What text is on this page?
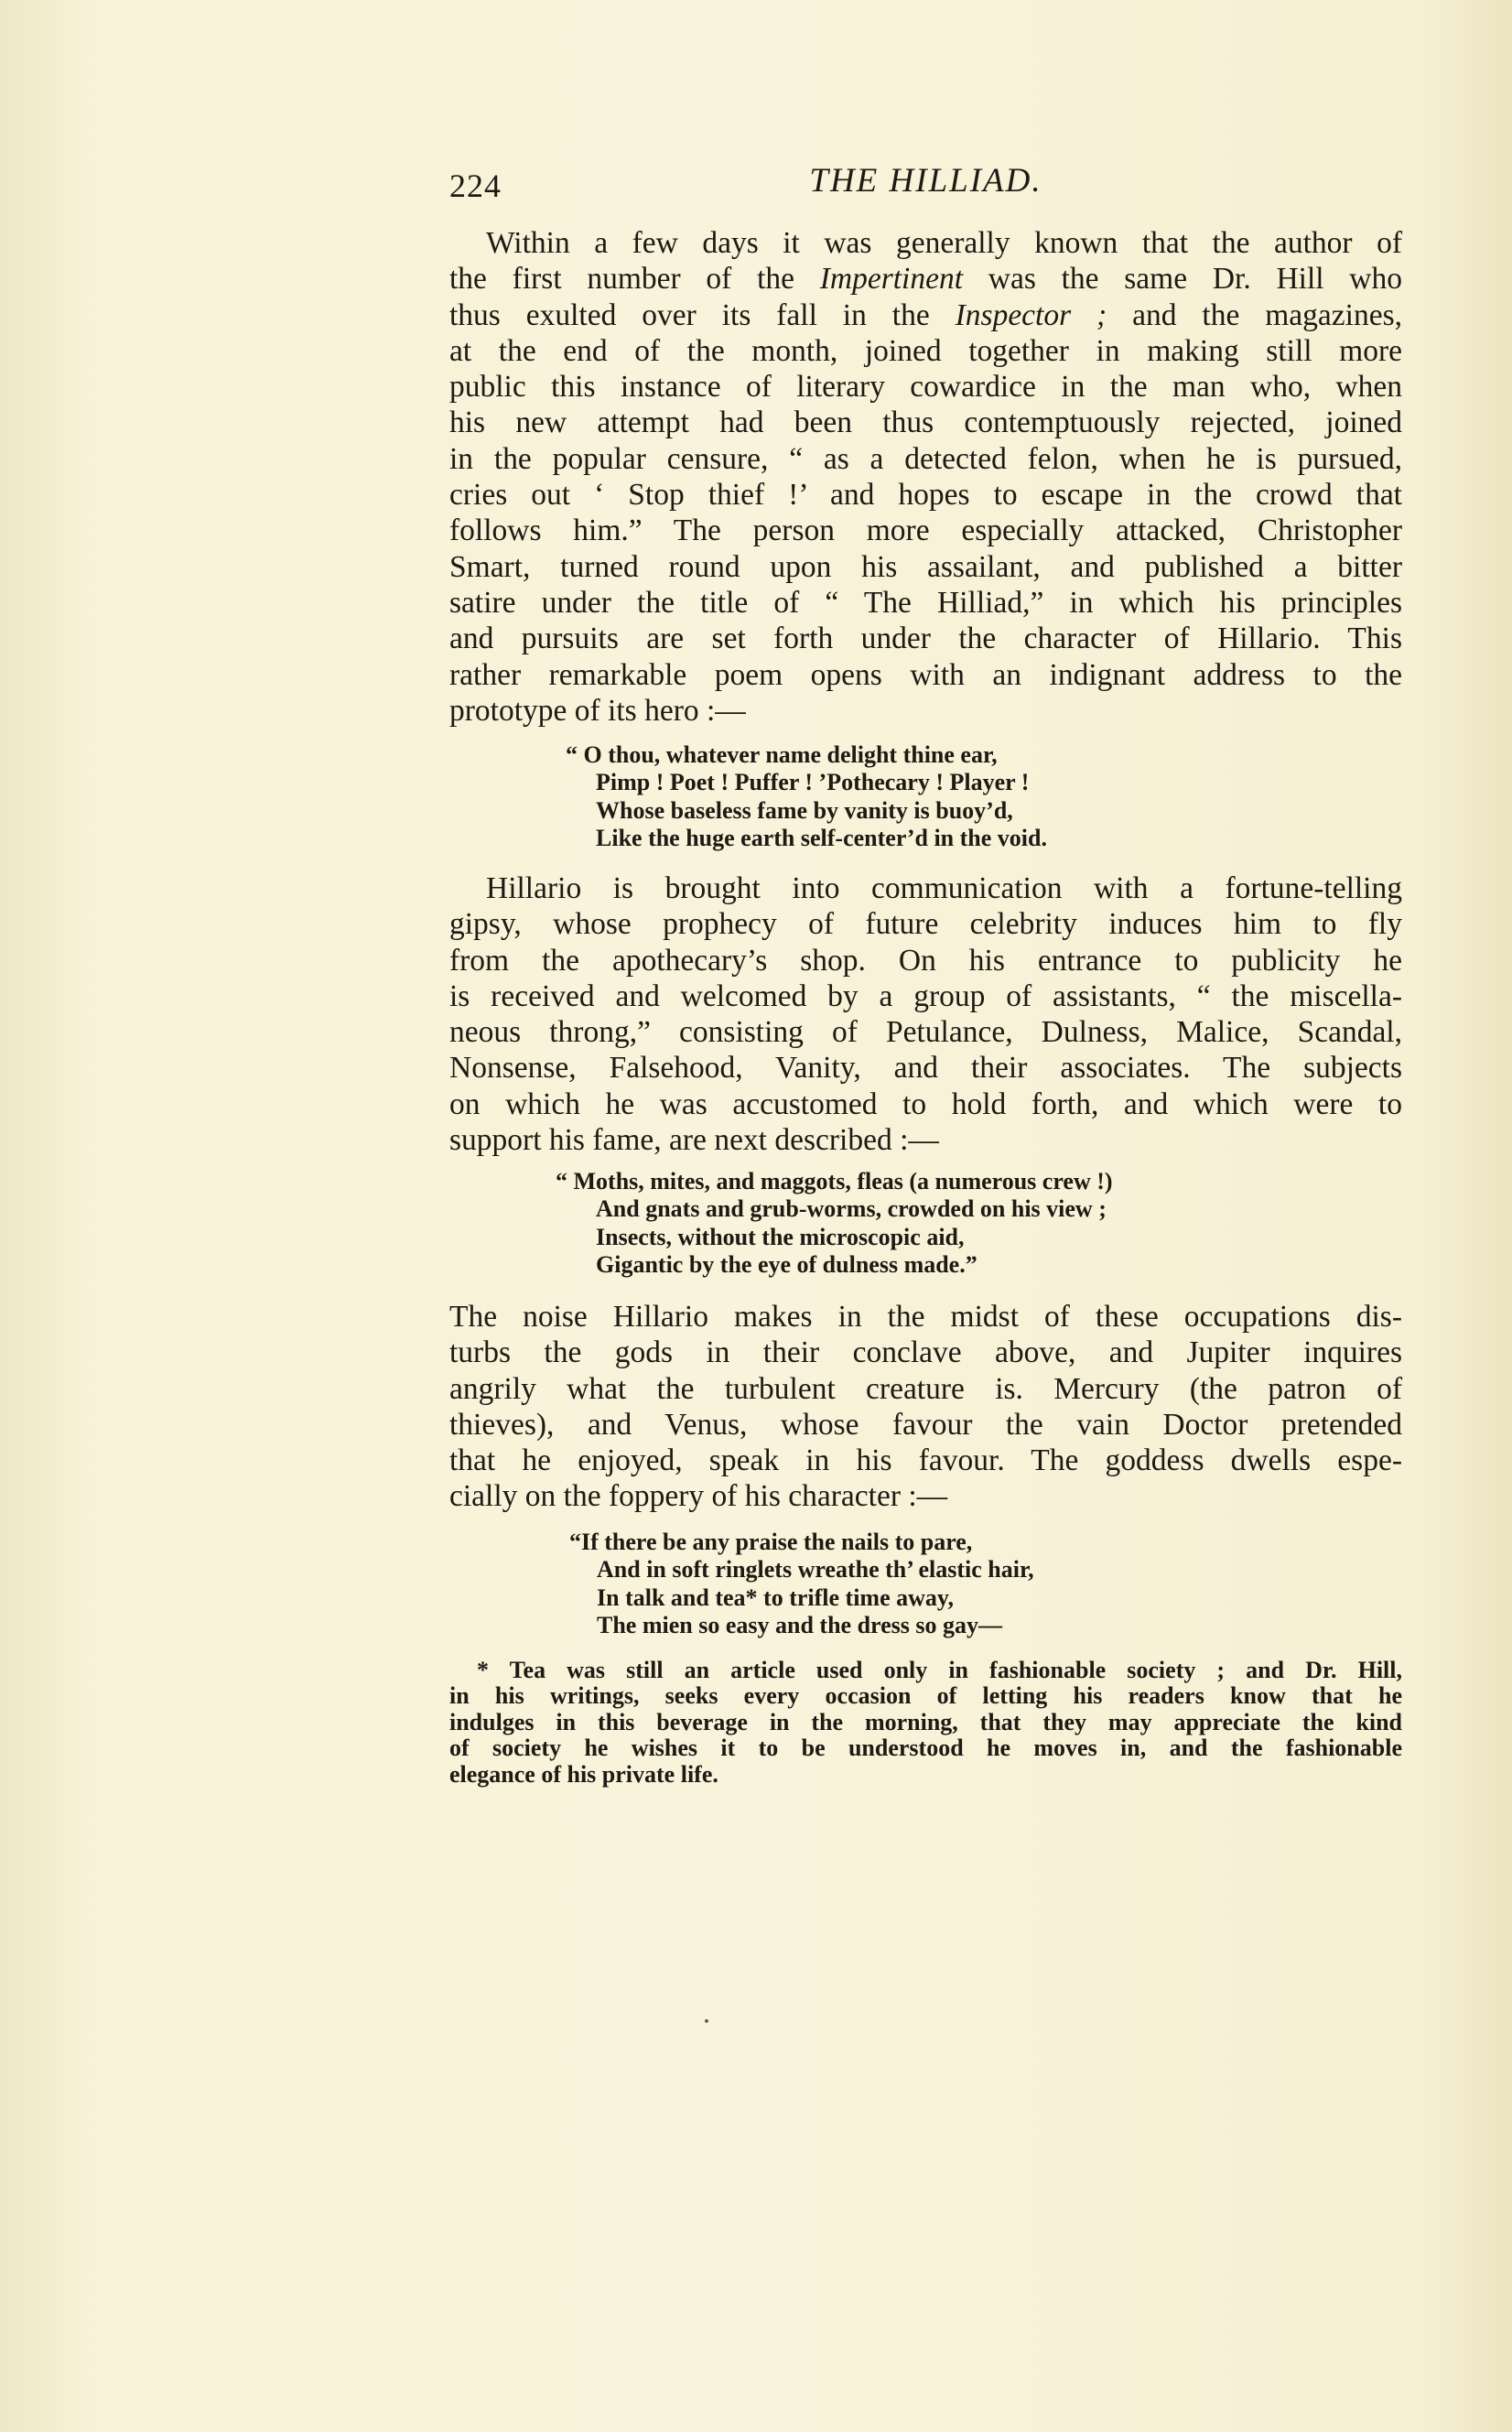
224	THE HILLIAD.
Within a few days it was generally known that the author of
the first number of the Impertinent was the same Dr. Hill who
thus exulted over its fall in the Inspector ; and the magazines,
at the end of the month, joined together in making still more
public this instance of literary cowardice in the man who, when
his new attempt had been thus contemptuously rejected, joined
in the popular censure, “ as a detected felon, when he is pursued,
cries out ‘ Stop thief !’ and hopes to escape in the crowd that
follows him.” The person more especially attacked, Christopher
Smart, turned round upon his assailant, and published a bitter
satire under the title of “ The Hilliad,” in which his principles
and pursuits are set forth under the character of Hillario. This
rather remarkable poem opens with an indignant address to the
prototype of its hero :—
“ O thou, whatever name delight thine ear,
Pimp ! Poet ! Puffer ! ’Pothecary ! Player !
Whose baseless fame by vanity is buoy’d,
Like the huge earth self-center’d in the void.
Hillario is brought into communication with a fortune-telling
gipsy, whose prophecy of future celebrity induces him to fly
from the apothecary’s shop. On his entrance to publicity he
is received and welcomed by a group of assistants, “ the miscella-
neous throng,” consisting of Petulance, Dulness, Malice, Scandal,
Nonsense, Falsehood, Vanity, and their associates. The subjects
on which he was accustomed to hold forth, and which were to
support his fame, are next described :—
“ Moths, mites, and maggots, fleas (a numerous crew !)
And gnats and grub-worms, crowded on his view ;
Insects, without the microscopic aid,
Gigantic by the eye of dulness made.”
The noise Hillario makes in the midst of these occupations dis-
turbs the gods in their conclave above, and Jupiter inquires
angrily what the turbulent creature is. Mercury (the patron of
thieves), and Venus, whose favour the vain Doctor pretended
that he enjoyed, speak in his favour. The goddess dwells espe-
cially on the foppery of his character :—
“If there be any praise the nails to pare,
And in soft ringlets wreathe th’ elastic hair,
In talk and tea* to trifle time away,
The mien so easy and the dress so gay—
* Tea was still an article used only in fashionable society ; and Dr. Hill,
in his writings, seeks every occasion of letting his readers know that he
indulges in this beverage in the morning, that they may appreciate the kind
of society he wishes it to be understood he moves in, and the fashionable
elegance of his private life.
